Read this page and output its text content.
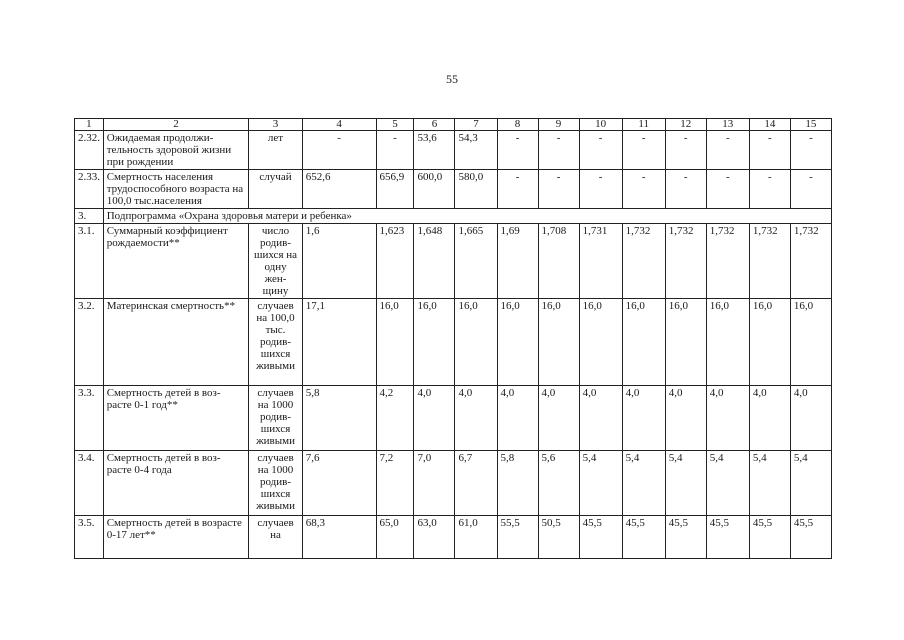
55
1	2	3	4	5	6	7	8	9	10	11	12	13	14	15
2.32.	Ожидаемая продолжи-тельность здоровой жизни при рождении	лет	-	-	53,6	54,3	-	-	-	-	-	-	-	-
2.33.	Смертность населения трудоспособного возраста на 100,0 тыс.населения	случай	652,6	656,9	600,0	580,0	-	-	-	-	-	-	-	-
3.	Подпрограмма «Охрана здоровья матери и ребенка»													
3.1.	Суммарный коэффициент рождаемости**	число родив-шихся на одну жен-щину	1,6	1,623	1,648	1,665	1,69	1,708	1,731	1,732	1,732	1,732	1,732	1,732
3.2.	Материнская смертность**	случаев на 100,0 тыс. родив-шихся живыми	17,1	16,0	16,0	16,0	16,0	16,0	16,0	16,0	16,0	16,0	16,0	16,0
3.3.	Смертность детей в воз-расте 0-1 год**	случаев на 1000 родив-шихся живыми	5,8	4,2	4,0	4,0	4,0	4,0	4,0	4,0	4,0	4,0	4,0	4,0
3.4.	Смертность детей в воз-расте 0-4 года	случаев на 1000 родив-шихся живыми	7,6	7,2	7,0	6,7	5,8	5,6	5,4	5,4	5,4	5,4	5,4	5,4
3.5.	Смертность детей в возрасте 0-17 лет**	случаев на	68,3	65,0	63,0	61,0	55,5	50,5	45,5	45,5	45,5	45,5	45,5	45,5
